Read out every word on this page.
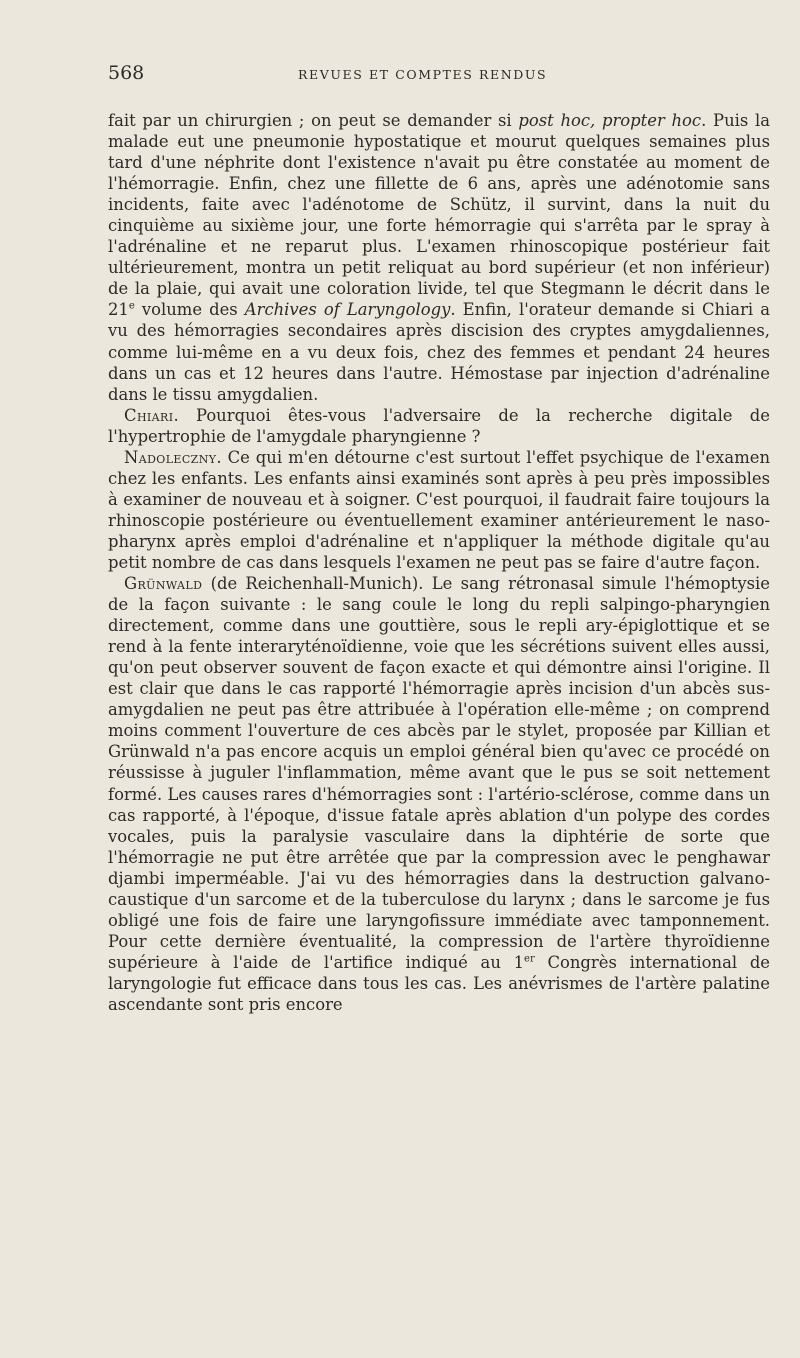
568	REVUES ET COMPTES RENDUS

fait par un chirurgien ; on peut se demander si post hoc, propter hoc. Puis la malade eut une pneumonie hypostatique et mourut quelques semaines plus tard d'une néphrite dont l'existence n'avait pu être constatée au moment de l'hémorragie. Enfin, chez une fillette de 6 ans, après une adénotomie sans incidents, faite avec l'adénotome de Schütz, il survint, dans la nuit du cinquième au sixième jour, une forte hémorragie qui s'arrêta par le spray à l'adrénaline et ne reparut plus. L'examen rhinoscopique postérieur fait ultérieurement, montra un petit reliquat au bord supérieur (et non inférieur) de la plaie, qui avait une coloration livide, tel que Stegmann le décrit dans le 21e volume des Archives of Laryngology. Enfin, l'orateur demande si Chiari a vu des hémorragies secondaires après discision des cryptes amygdaliennes, comme lui-même en a vu deux fois, chez des femmes et pendant 24 heures dans un cas et 12 heures dans l'autre. Hémostase par injection d'adrénaline dans le tissu amygdalien.

Chiari. Pourquoi êtes-vous l'adversaire de la recherche digitale de l'hypertrophie de l'amygdale pharyngienne ?

Nadoleczny. Ce qui m'en détourne c'est surtout l'effet psychique de l'examen chez les enfants. Les enfants ainsi examinés sont après à peu près impossibles à examiner de nouveau et à soigner. C'est pourquoi, il faudrait faire toujours la rhinoscopie postérieure ou éventuellement examiner antérieurement le naso-pharynx après emploi d'adrénaline et n'appliquer la méthode digitale qu'au petit nombre de cas dans lesquels l'examen ne peut pas se faire d'autre façon.

Grünwald (de Reichenhall-Munich). Le sang rétronasal simule l'hémoptysie de la façon suivante : le sang coule le long du repli salpingo-pharyngien directement, comme dans une gouttière, sous le repli ary-épiglottique et se rend à la fente interaryténoïdienne, voie que les sécrétions suivent elles aussi, qu'on peut observer souvent de façon exacte et qui démontre ainsi l'origine. Il est clair que dans le cas rapporté l'hémorragie après incision d'un abcès sus-amygdalien ne peut pas être attribuée à l'opération elle-même ; on comprend moins comment l'ouverture de ces abcès par le stylet, proposée par Killian et Grünwald n'a pas encore acquis un emploi général bien qu'avec ce procédé on réussisse à juguler l'inflammation, même avant que le pus se soit nettement formé. Les causes rares d'hémorragies sont : l'artério-sclérose, comme dans un cas rapporté, à l'époque, d'issue fatale après ablation d'un polype des cordes vocales, puis la paralysie vasculaire dans la diphtérie de sorte que l'hémorragie ne put être arrêtée que par la compression avec le penghawar djambi imperméable. J'ai vu des hémorragies dans la destruction galvano-caustique d'un sarcome et de la tuberculose du larynx ; dans le sarcome je fus obligé une fois de faire une laryngofissure immédiate avec tamponnement. Pour cette dernière éventualité, la compression de l'artère thyroïdienne supérieure à l'aide de l'artifice indiqué au 1er Congrès international de laryngologie fut efficace dans tous les cas. Les anévrismes de l'artère palatine ascendante sont pris encore
